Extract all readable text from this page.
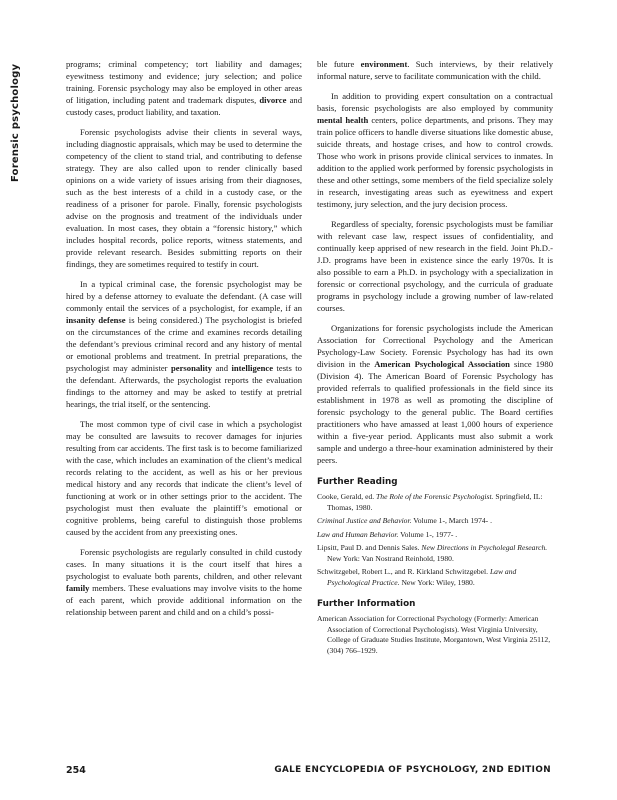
Forensic psychology	programs; criminal competency; tort liability and damages; eyewitness testimony and evidence; jury selection; and police training. Forensic psychology may also be employed in other areas of litigation, including patent and trademark disputes, divorce and custody cases, product liability, and taxation.

Forensic psychologists advise their clients in several ways, including diagnostic appraisals, which may be used to determine the competency of the client to stand trial, and contributing to defense strategy. They are also called upon to render clinically based opinions on a wide variety of issues arising from their diagnoses, such as the best interests of a child in a custody case, or the readiness of a prisoner for parole. Finally, forensic psychologists advise on the prognosis and treatment of the individuals under evaluation. In most cases, they obtain a “forensic history,” which includes hospital records, police reports, witness statements, and provide relevant research. Besides submitting reports on their findings, they are sometimes required to testify in court.

In a typical criminal case, the forensic psychologist may be hired by a defense attorney to evaluate the defendant. (A case will commonly entail the services of a psychologist, for example, if an insanity defense is being considered.) The psychologist is briefed on the circumstances of the crime and examines records detailing the defendant’s previous criminal record and any history of mental or emotional problems and treatment. In pretrial preparations, the psychologist may administer personality and intelligence tests to the defendant. Afterwards, the psychologist reports the evaluation findings to the attorney and may be asked to testify at pretrial hearings, the trial itself, or the sentencing.

The most common type of civil case in which a psychologist may be consulted are lawsuits to recover damages for injuries resulting from car accidents. The first task is to become familiarized with the case, which includes an examination of the client’s medical records relating to the accident, as well as his or her previous medical history and any records that indicate the client’s level of functioning at work or in other settings prior to the accident. The psychologist must then evaluate the plaintiff’s emotional or cognitive problems, being careful to distinguish those problems caused by the accident from any preexisting ones.

Forensic psychologists are regularly consulted in child custody cases. In many situations it is the court itself that hires a psychologist to evaluate both parents, children, and other relevant family members. These evaluations may involve visits to the home of each parent, which provide additional information on the relationship between parent and child and on a child’s possi-

ble future environment. Such interviews, by their relatively informal nature, serve to facilitate communication with the child.

In addition to providing expert consultation on a contractual basis, forensic psychologists are also employed by community mental health centers, police departments, and prisons. They may train police officers to handle diverse situations like domestic abuse, suicide threats, and hostage crises, and how to control crowds. Those who work in prisons provide clinical services to inmates. In addition to the applied work performed by forensic psychologists in these and other settings, some members of the field specialize solely in research, investigating areas such as eyewitness and expert testimony, jury selection, and the jury decision process.

Regardless of specialty, forensic psychologists must be familiar with relevant case law, respect issues of confidentiality, and continually keep apprised of new research in the field. Joint Ph.D.-J.D. programs have been in existence since the early 1970s. It is also possible to earn a Ph.D. in psychology with a specialization in forensic or correctional psychology, and the curricula of graduate programs in psychology include a growing number of law-related courses.

Organizations for forensic psychologists include the American Association for Correctional Psychology and the American Psychology-Law Society. Forensic Psychology has had its own division in the American Psychological Association since 1980 (Division 4). The American Board of Forensic Psychology has provided referrals to qualified professionals in the field since its establishment in 1978 as well as promoting the discipline of forensic psychology to the general public. The Board certifies practitioners who have amassed at least 1,000 hours of experience within a five-year period. Applicants must also submit a work sample and undergo a three-hour examination administered by their peers.

Further Reading
Cooke, Gerald, ed. The Role of the Forensic Psychologist. Springfield, IL: Thomas, 1980.
Criminal Justice and Behavior. Volume 1-, March 1974- .
Law and Human Behavior. Volume 1-, 1977- .
Lipsitt, Paul D. and Dennis Sales. New Directions in Psycholegal Research. New York: Van Nostrand Reinhold, 1980.
Schwitzgebel, Robert L., and R. Kirkland Schwitzgebel. Law and Psychological Practice. New York: Wiley, 1980.
Further Information
American Association for Correctional Psychology (Formerly: American Association of Correctional Psychologists). West Virginia University, College of Graduate Studies Institute, Morgantown, West Virginia 25112, (304) 766–1929.
254	GALE ENCYCLOPEDIA OF PSYCHOLOGY, 2ND EDITION
